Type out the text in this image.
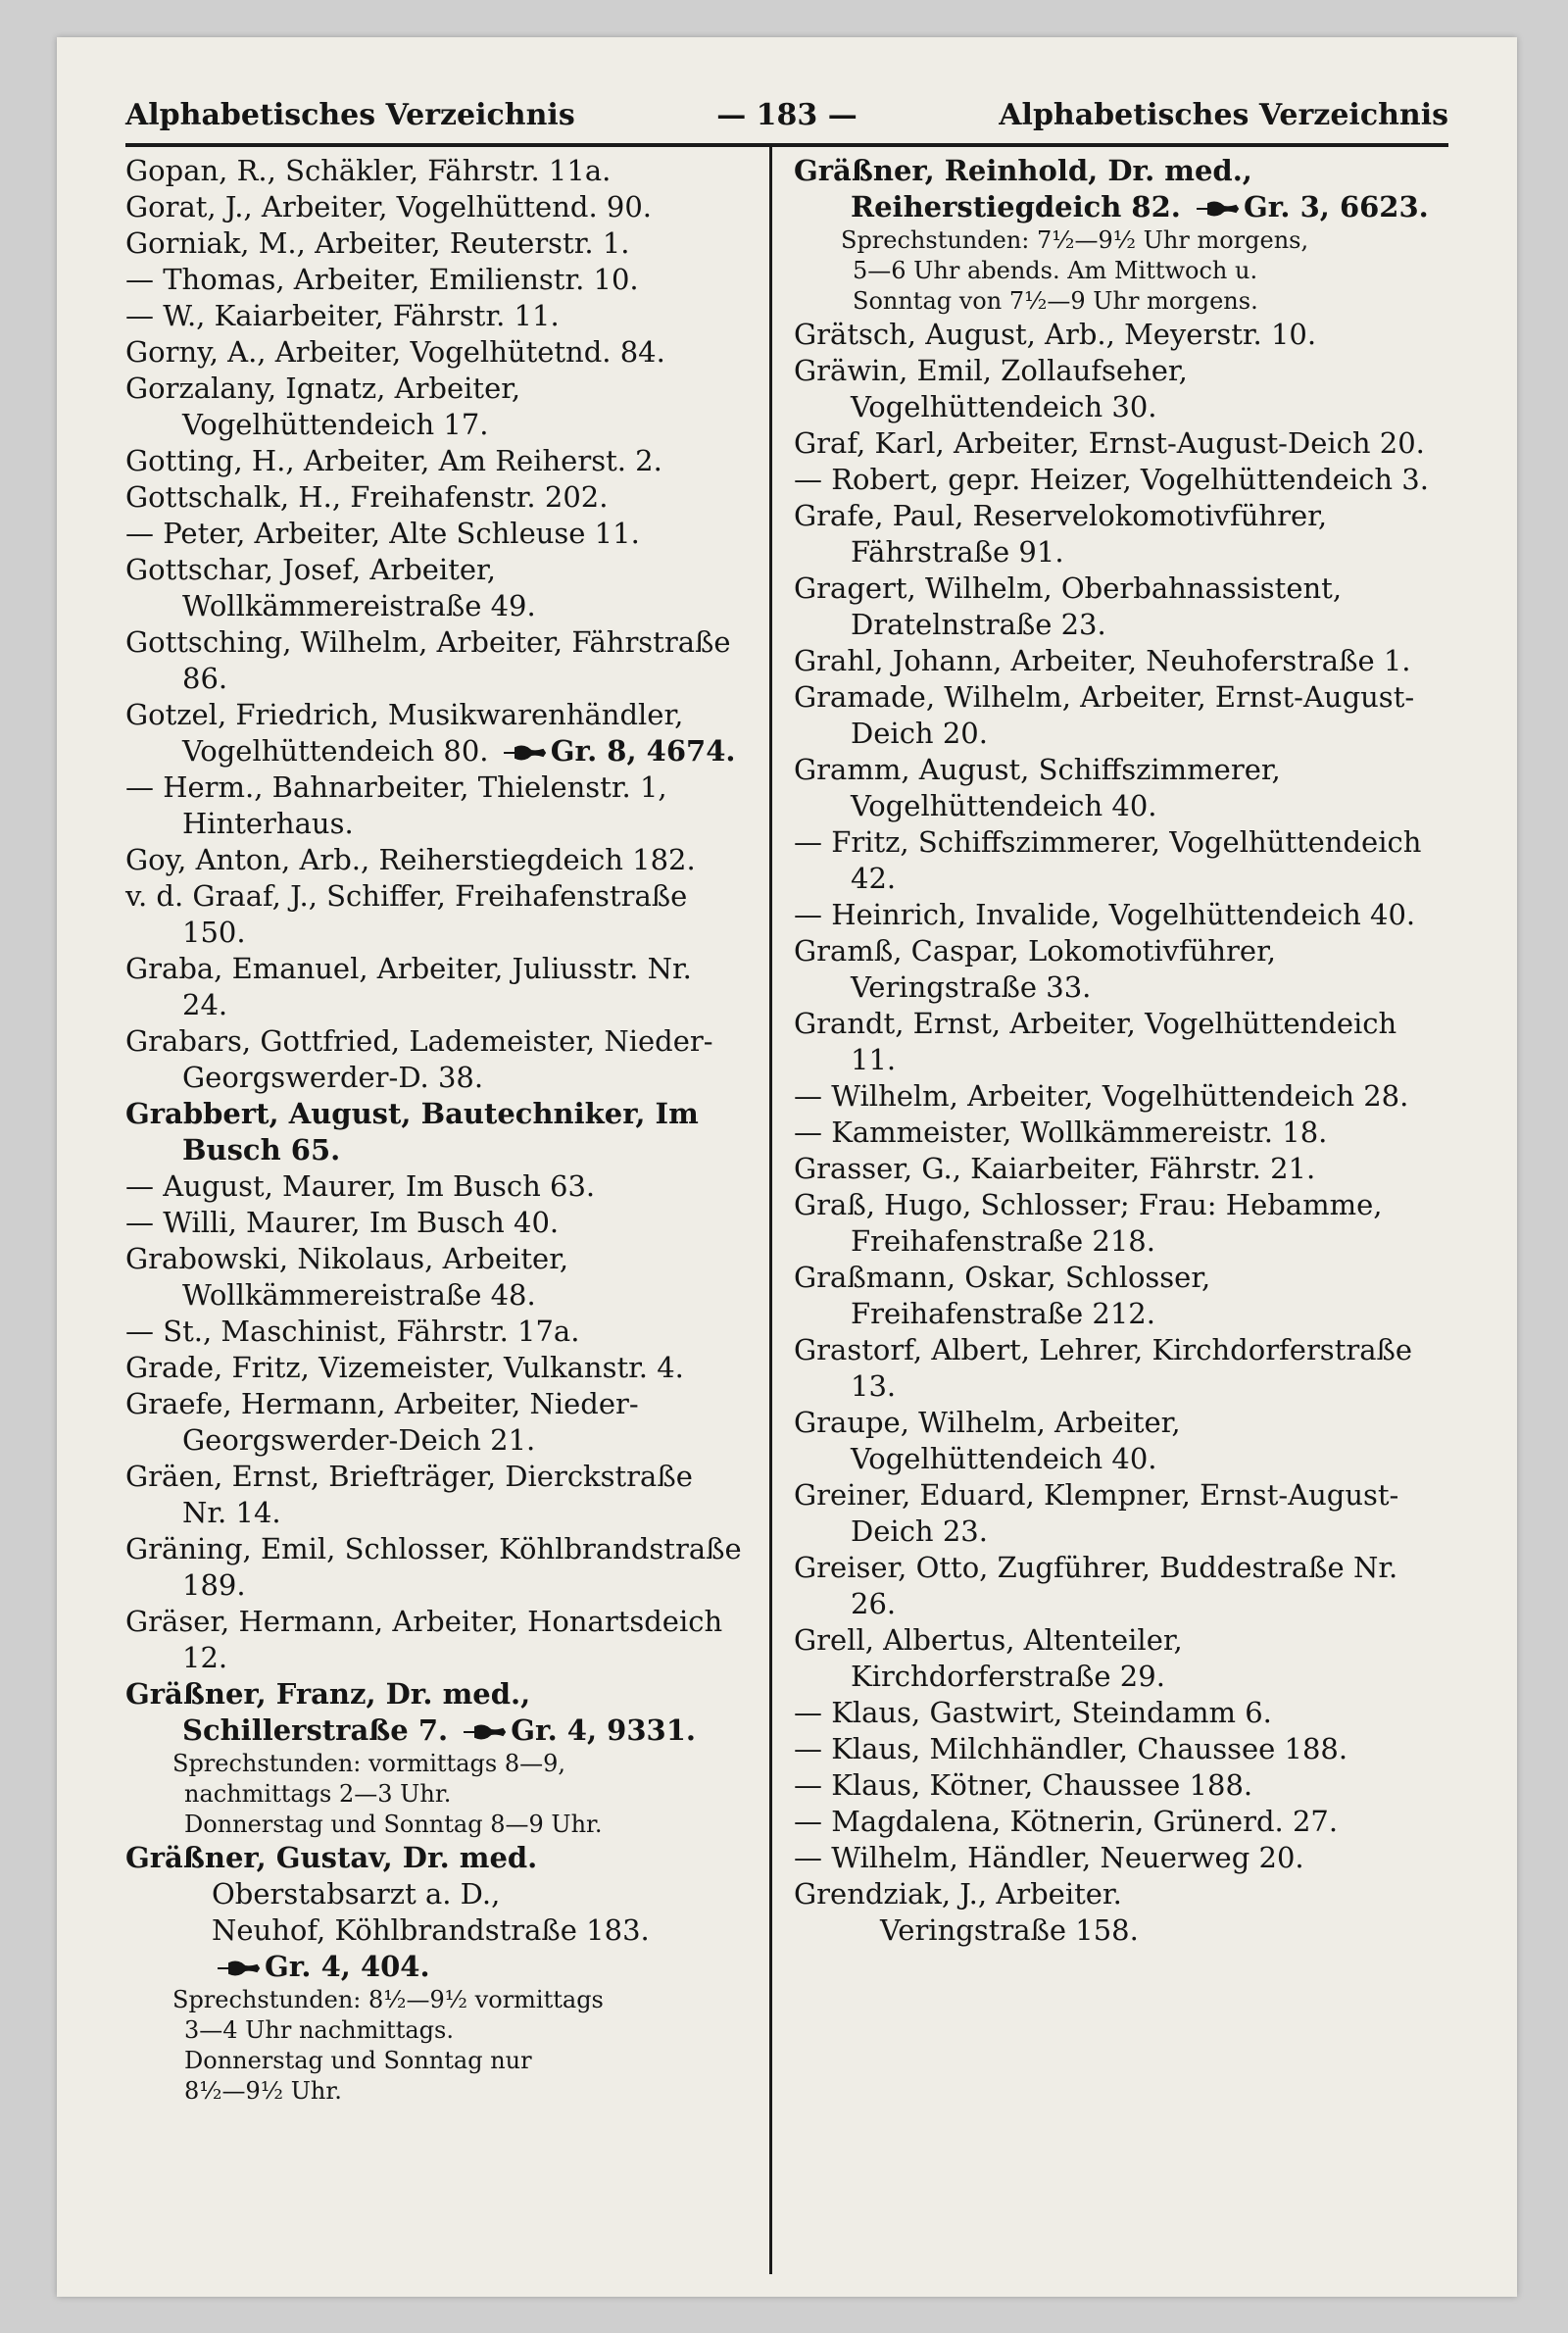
Alphabetisches Verzeichnis	— 183 —	Alphabetisches Verzeichnis

Gopan, R., Schäkler, Fährstr. 11a.

Gorat, J., Arbeiter, Vogelhüttend. 90.

Gorniak, M., Arbeiter, Reuterstr. 1.

— Thomas, Arbeiter, Emilienstr. 10.

— W., Kaiarbeiter, Fährstr. 11.

Gorny, A., Arbeiter, Vogelhütetnd. 84.

Gorzalany, Ignatz, Arbeiter, Vogelhüttendeich 17.

Gotting, H., Arbeiter, Am Reiherst. 2.

Gottschalk, H., Freihafenstr. 202.

— Peter, Arbeiter, Alte Schleuse 11.

Gottschar, Josef, Arbeiter, Wollkämmereistraße 49.

Gottsching, Wilhelm, Arbeiter, Fährstraße 86.

Gotzel, Friedrich, Musikwarenhändler, Vogelhüttendeich 80. Gr. 8, 4674.

— Herm., Bahnarbeiter, Thielenstr. 1, Hinterhaus.

Goy, Anton, Arb., Reiherstiegdeich 182.

v. d. Graaf, J., Schiffer, Freihafenstraße 150.

Graba, Emanuel, Arbeiter, Juliusstr. Nr. 24.

Grabars, Gottfried, Lademeister, Nieder-Georgswerder-D. 38.

Grabbert, August, Bautechniker, Im Busch 65.

— August, Maurer, Im Busch 63.

— Willi, Maurer, Im Busch 40.

Grabowski, Nikolaus, Arbeiter, Wollkämmereistraße 48.

— St., Maschinist, Fährstr. 17a.

Grade, Fritz, Vizemeister, Vulkanstr. 4.

Graefe, Hermann, Arbeiter, Nieder-Georgswerder-Deich 21.

Gräen, Ernst, Briefträger, Dierckstraße Nr. 14.

Gräning, Emil, Schlosser, Köhlbrandstraße 189.

Gräser, Hermann, Arbeiter, Honartsdeich 12.

Gräßner, Franz, Dr. med., Schillerstraße 7. Gr. 4, 9331.

Sprechstunden: vormittags 8—9,

nachmittags 2—3 Uhr.

Donnerstag und Sonntag 8—9 Uhr.

Gräßner, Gustav, Dr. med.

Oberstabsarzt a. D.,

Neuhof, Köhlbrandstraße 183.

Gr. 4, 404.

Sprechstunden: 8½—9½ vormittags

3—4 Uhr nachmittags.

Donnerstag und Sonntag nur

8½—9½ Uhr.

Gräßner, Reinhold, Dr. med., Reiherstiegdeich 82. Gr. 3, 6623.

Sprechstunden: 7½—9½ Uhr morgens,

5—6 Uhr abends. Am Mittwoch u.

Sonntag von 7½—9 Uhr morgens.

Grätsch, August, Arb., Meyerstr. 10.

Gräwin, Emil, Zollaufseher, Vogelhüttendeich 30.

Graf, Karl, Arbeiter, Ernst-August-Deich 20.

— Robert, gepr. Heizer, Vogelhüttendeich 3.

Grafe, Paul, Reservelokomotivführer, Fährstraße 91.

Gragert, Wilhelm, Oberbahnassistent, Dratelnstraße 23.

Grahl, Johann, Arbeiter, Neuhoferstraße 1.

Gramade, Wilhelm, Arbeiter, Ernst-August-Deich 20.

Gramm, August, Schiffszimmerer, Vogelhüttendeich 40.

— Fritz, Schiffszimmerer, Vogelhüttendeich 42.

— Heinrich, Invalide, Vogelhüttendeich 40.

Gramß, Caspar, Lokomotivführer, Veringstraße 33.

Grandt, Ernst, Arbeiter, Vogelhüttendeich 11.

— Wilhelm, Arbeiter, Vogelhüttendeich 28.

— Kammeister, Wollkämmereistr. 18.

Grasser, G., Kaiarbeiter, Fährstr. 21.

Graß, Hugo, Schlosser; Frau: Hebamme, Freihafenstraße 218.

Graßmann, Oskar, Schlosser, Freihafenstraße 212.

Grastorf, Albert, Lehrer, Kirchdorferstraße 13.

Graupe, Wilhelm, Arbeiter, Vogelhüttendeich 40.

Greiner, Eduard, Klempner, Ernst-August-Deich 23.

Greiser, Otto, Zugführer, Buddestraße Nr. 26.

Grell, Albertus, Altenteiler, Kirchdorferstraße 29.

— Klaus, Gastwirt, Steindamm 6.

— Klaus, Milchhändler, Chaussee 188.

— Klaus, Kötner, Chaussee 188.

— Magdalena, Kötnerin, Grünerd. 27.

— Wilhelm, Händler, Neuerweg 20.

Grendziak, J., Arbeiter.

Veringstraße 158.
